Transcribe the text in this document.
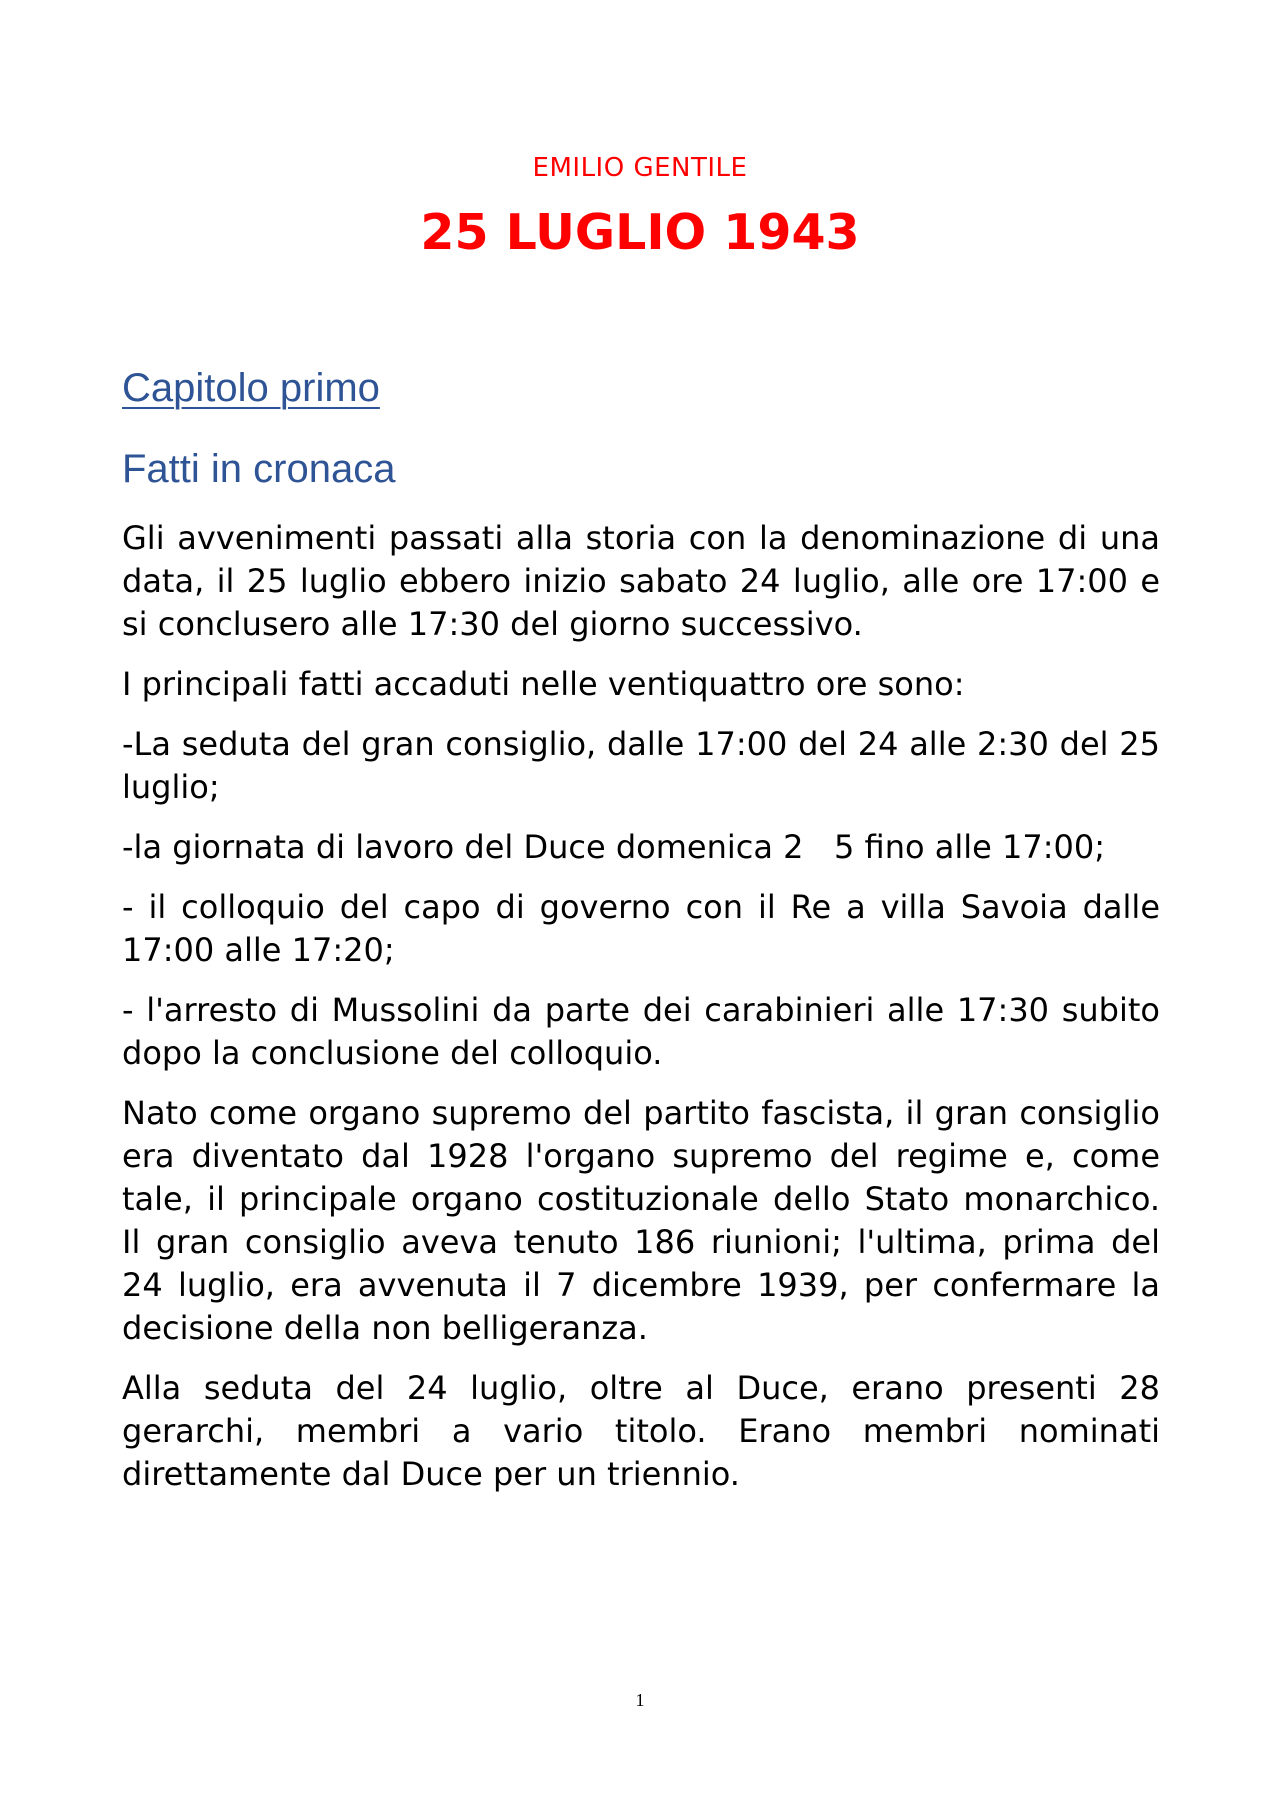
EMILIO GENTILE
25 LUGLIO 1943
Capitolo primo
Fatti in cronaca

Gli avvenimenti passati alla storia con la denominazione di una data, il 25 luglio ebbero inizio sabato 24 luglio, alle ore 17:00 e si conclusero alle 17:30 del giorno successivo.

I principali fatti accaduti nelle ventiquattro ore sono:

-La seduta del gran consiglio, dalle 17:00 del 24 alle 2:30 del 25 luglio;

-la giornata di lavoro del Duce domenica 2   5 fino alle 17:00;

- il colloquio del capo di governo con il Re a villa Savoia dalle 17:00 alle 17:20;

- l'arresto di Mussolini da parte dei carabinieri alle 17:30 subito dopo la conclusione del colloquio.

Nato come organo supremo del partito fascista, il gran consiglio era diventato dal 1928 l'organo supremo del regime e, come tale, il principale organo costituzionale dello Stato monarchico. Il gran consiglio aveva tenuto 186 riunioni; l'ultima, prima del 24 luglio, era avvenuta il 7 dicembre 1939, per confermare la decisione della non belligeranza.

Alla seduta del 24 luglio, oltre al Duce, erano presenti 28 gerarchi, membri a vario titolo. Erano membri nominati direttamente dal Duce per un triennio.

1
